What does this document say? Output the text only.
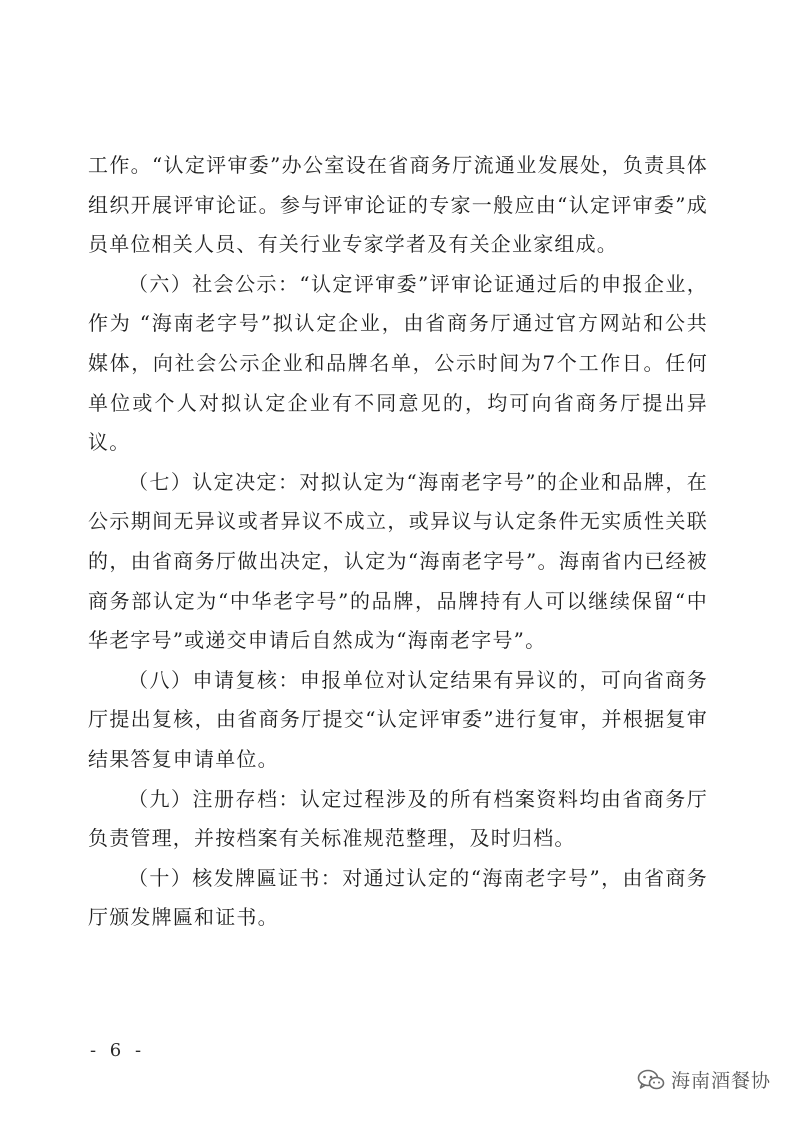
工作。“认定评审委”办公室设在省商务厅流通业发展处，负责具体组织开展评审论证。参与评审论证的专家一般应由“认定评审委”成员单位相关人员、有关行业专家学者及有关企业家组成。

（六）社会公示：“认定评审委”评审论证通过后的申报企业，作为 “海南老字号”拟认定企业，由省商务厅通过官方网站和公共媒体，向社会公示企业和品牌名单，公示时间为7个工作日。任何单位或个人对拟认定企业有不同意见的，均可向省商务厅提出异议。

（七）认定决定：对拟认定为“海南老字号”的企业和品牌，在公示期间无异议或者异议不成立，或异议与认定条件无实质性关联的，由省商务厅做出决定，认定为“海南老字号”。海南省内已经被商务部认定为“中华老字号”的品牌，品牌持有人可以继续保留“中华老字号”或递交申请后自然成为“海南老字号”。

（八）申请复核：申报单位对认定结果有异议的，可向省商务厅提出复核，由省商务厅提交“认定评审委”进行复审，并根据复审结果答复申请单位。

（九）注册存档：认定过程涉及的所有档案资料均由省商务厅负责管理，并按档案有关标准规范整理，及时归档。

（十）核发牌匾证书：对通过认定的“海南老字号”，由省商务厅颁发牌匾和证书。

- 6 -
海南酒餐协
